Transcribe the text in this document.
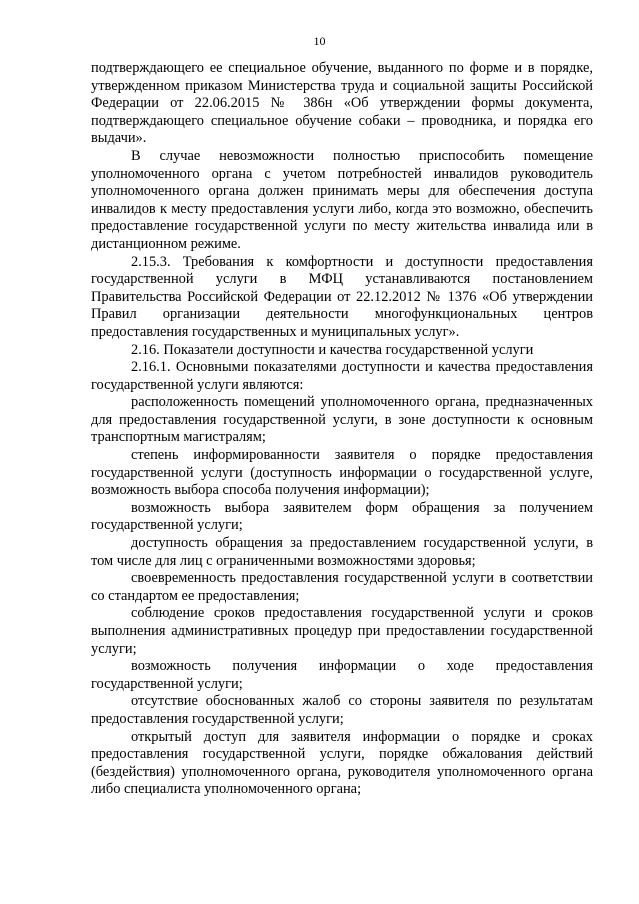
10

подтверждающего ее специальное обучение, выданного по форме и в порядке, утвержденном приказом Министерства труда и социальной защиты Российской Федерации от 22.06.2015 № 386н «Об утверждении формы документа, подтверждающего специальное обучение собаки – проводника, и порядка его выдачи».

В случае невозможности полностью приспособить помещение уполномоченного органа с учетом потребностей инвалидов руководитель уполномоченного органа должен принимать меры для обеспечения доступа инвалидов к месту предоставления услуги либо, когда это возможно, обеспечить предоставление государственной услуги по месту жительства инвалида или в дистанционном режиме.

2.15.3. Требования к комфортности и доступности предоставления государственной услуги в МФЦ устанавливаются постановлением Правительства Российской Федерации от 22.12.2012 № 1376 «Об утверждении Правил организации деятельности многофункциональных центров предоставления государственных и муниципальных услуг».

2.16. Показатели доступности и качества государственной услуги

2.16.1. Основными показателями доступности и качества предоставления государственной услуги являются:

расположенность помещений уполномоченного органа, предназначенных для предоставления государственной услуги, в зоне доступности к основным транспортным магистралям;

степень информированности заявителя о порядке предоставления государственной услуги (доступность информации о государственной услуге, возможность выбора способа получения информации);

возможность выбора заявителем форм обращения за получением государственной услуги;

доступность обращения за предоставлением государственной услуги, в том числе для лиц с ограниченными возможностями здоровья;

своевременность предоставления государственной услуги в соответствии со стандартом ее предоставления;

соблюдение сроков предоставления государственной услуги и сроков выполнения административных процедур при предоставлении государственной услуги;

возможность получения информации о ходе предоставления государственной услуги;

отсутствие обоснованных жалоб со стороны заявителя по результатам предоставления государственной услуги;

открытый доступ для заявителя информации о порядке и сроках предоставления государственной услуги, порядке обжалования действий (бездействия) уполномоченного органа, руководителя уполномоченного органа либо специалиста уполномоченного органа;
